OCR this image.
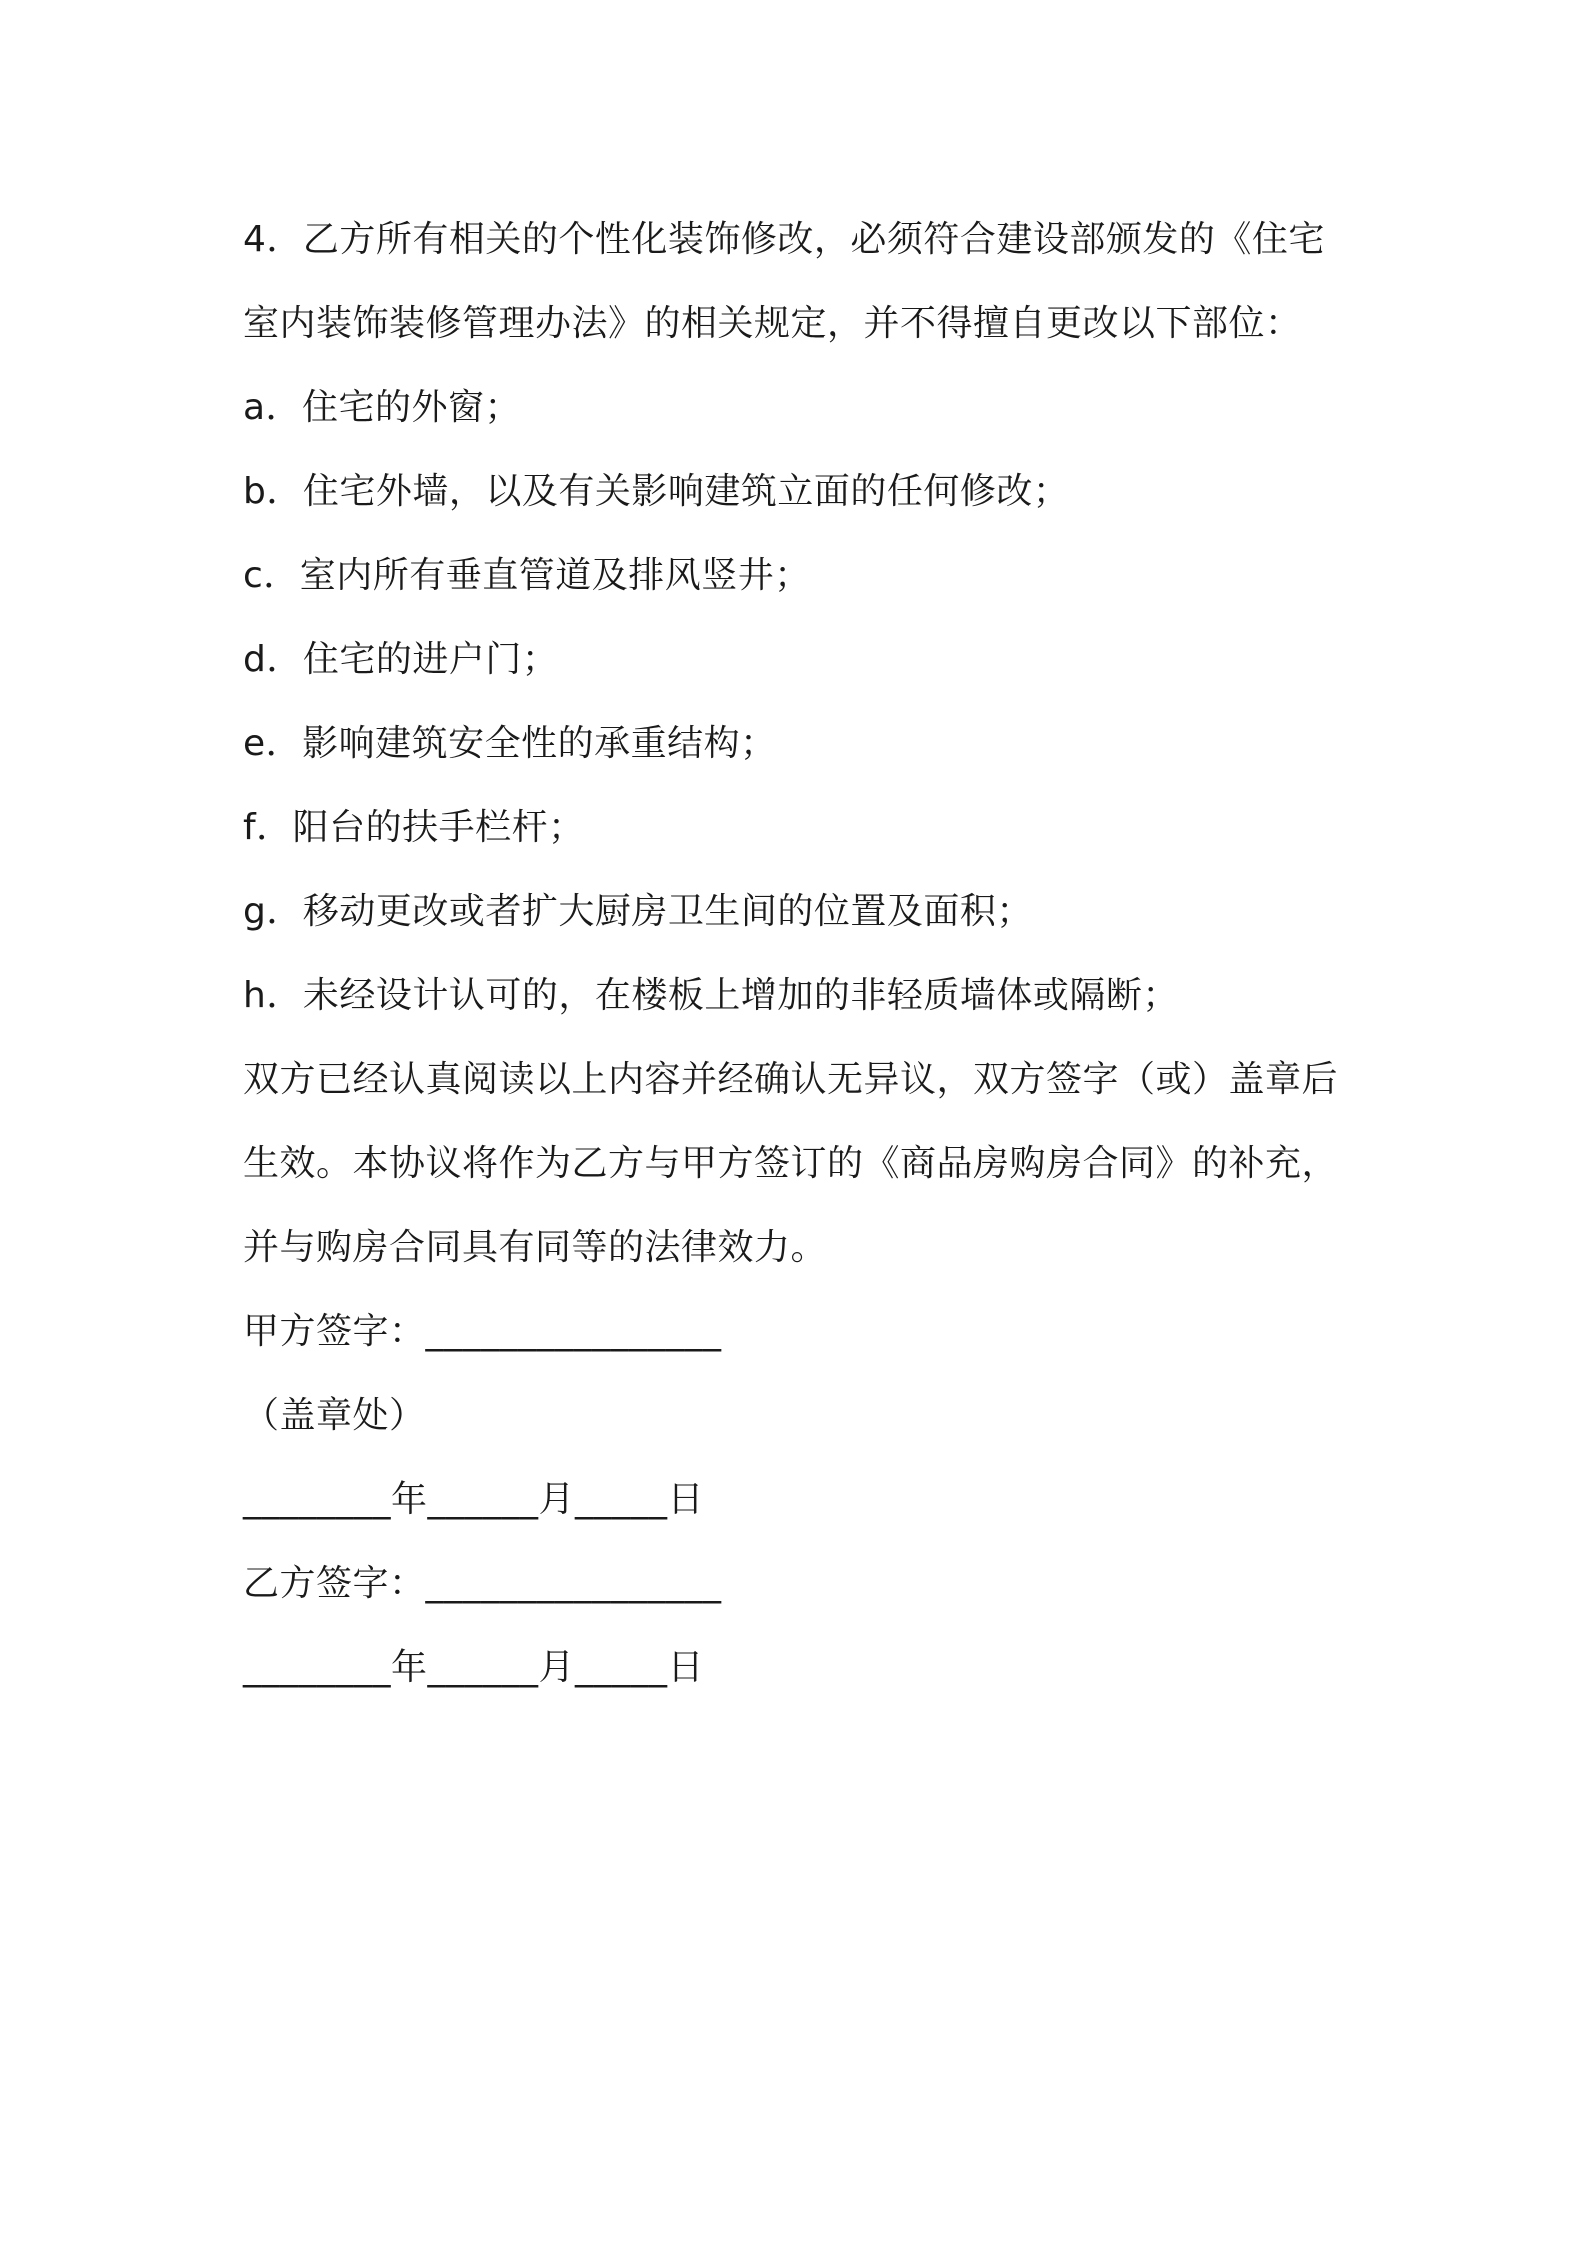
4．乙方所有相关的个性化装饰修改，必须符合建设部颁发的《住宅
室内装饰装修管理办法》的相关规定，并不得擅自更改以下部位：
a．住宅的外窗；
b．住宅外墙，以及有关影响建筑立面的任何修改；
c．室内所有垂直管道及排风竖井；
d．住宅的进户门；
e．影响建筑安全性的承重结构；
f．阳台的扶手栏杆；
g．移动更改或者扩大厨房卫生间的位置及面积；
h．未经设计认可的，在楼板上增加的非轻质墙体或隔断；
双方已经认真阅读以上内容并经确认无异议，双方签字（或）盖章后
生效。本协议将作为乙方与甲方签订的《商品房购房合同》的补充，
并与购房合同具有同等的法律效力。
甲方签字：________________
（盖章处）
________年______月_____日
乙方签字：________________
________年______月_____日
